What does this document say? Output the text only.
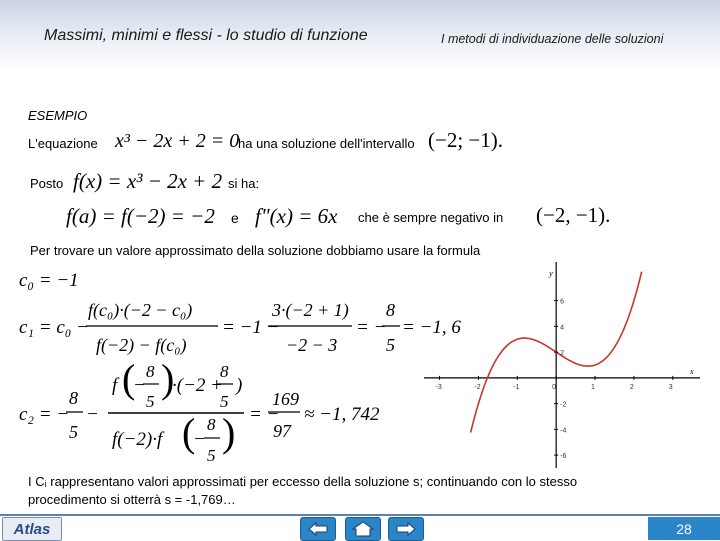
Massimi, minimi e flessi - lo studio di funzione	I metodi di individuazione delle soluzioni
ESEMPIO
L'equazione x³ − 2x + 2 = 0
ha una soluzione dell'intervallo (−2; −1).
Posto f(x) = x³ − 2x + 2 si ha:
f(a) = f(−2) = −2 e f"(x) = 6x che è sempre negativo in (−2, −1).
Per trovare un valore approssimato della soluzione dobbiamo usare la formula
c₀ = −1
c₁ = c₀ −
f(c₀)·(−2 − c₀)
f(−2) − f(c₀)
= −1 −
3·(−2 + 1)
−2 − 3
= −
8
5
= −1, 6
c₂ = −
8
5
−
f (
−
8
5
)
·(−2 +
8
5
)
f(−2)·f (
−
8
5
) = −
169
97
≈ −1, 742
-3	-2	-1	0	1	2	3
6
4
2
-2
-4
-6
y
x
I Cᵢ rappresentano valori approssimati per eccesso della soluzione s; continuando con lo stesso
procedimento si otterrà s = -1,769…
Atlas	28
